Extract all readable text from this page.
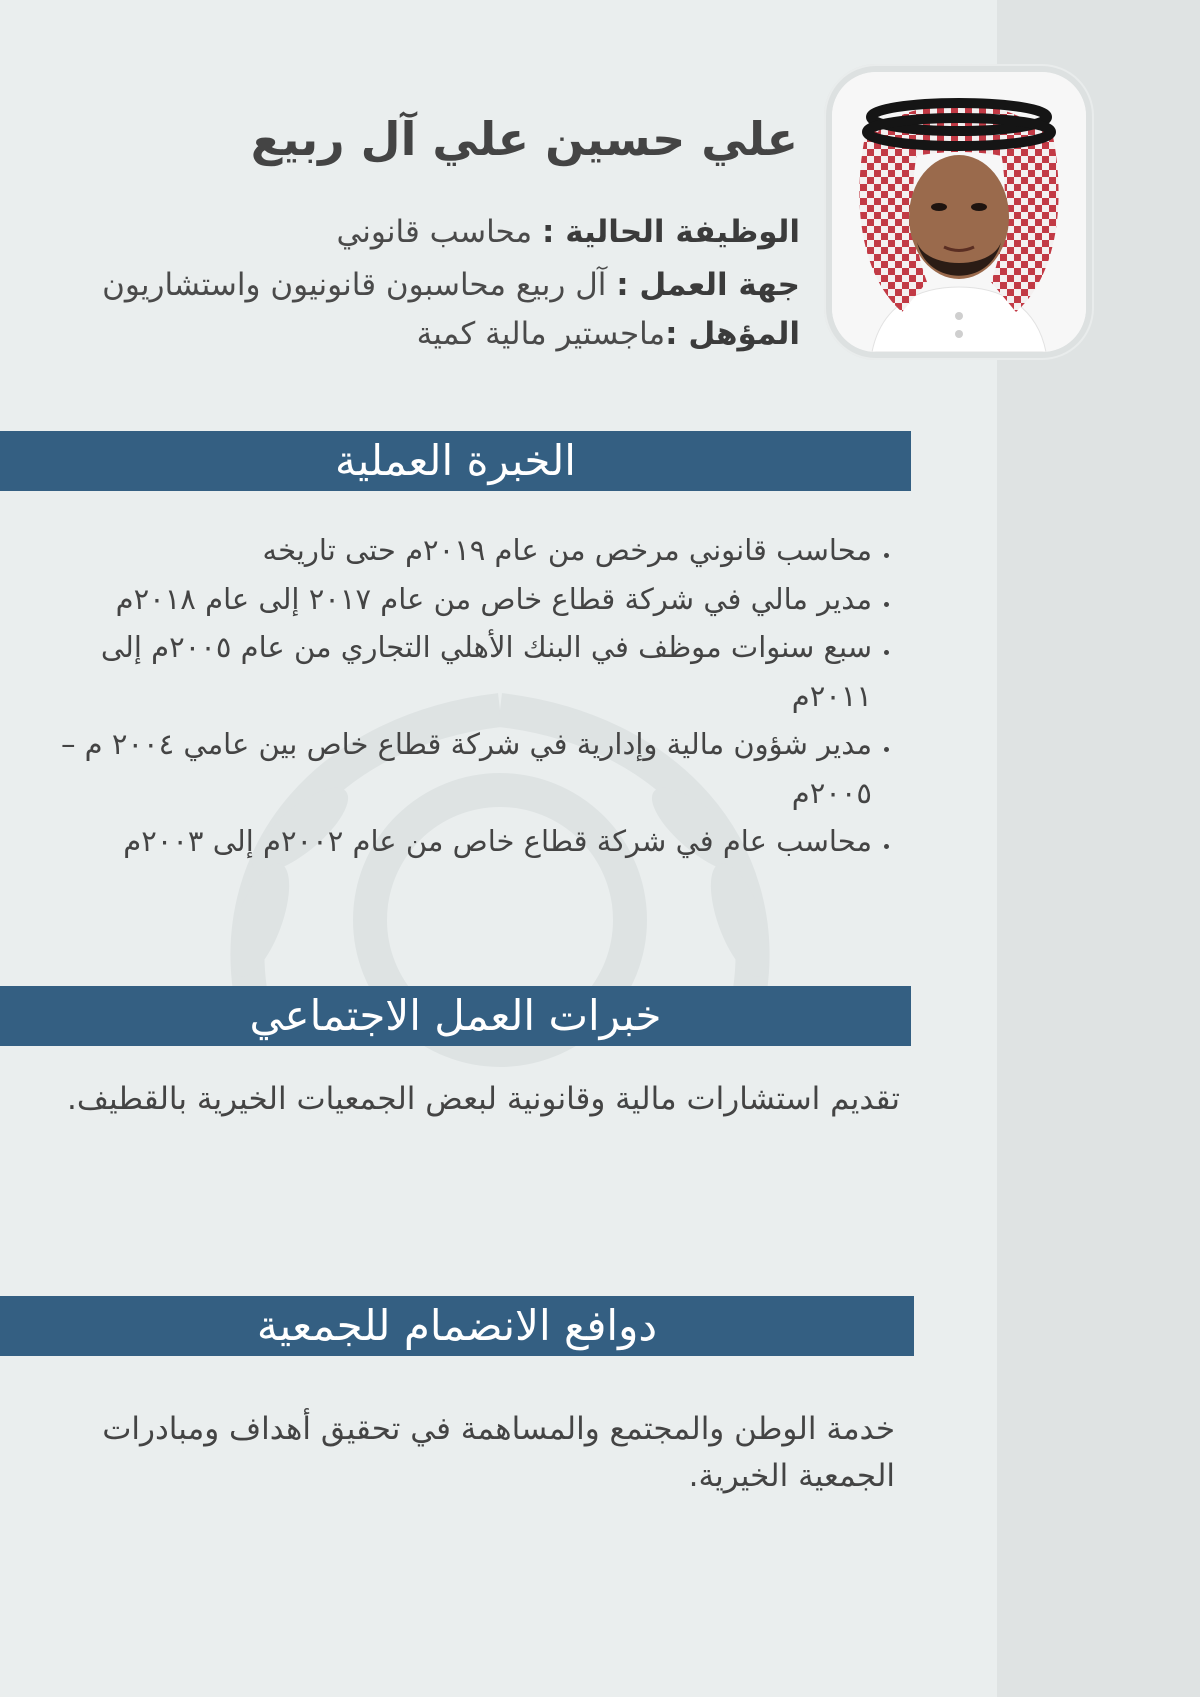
علي حسين علي آل ربيع
الوظيفة الحالية : محاسب قانوني
جهة العمل : آل ربيع محاسبون قانونيون واستشاريون
المؤهل :ماجستير مالية كمية
الخبرة العملية
• محاسب قانوني مرخص من عام ٢٠١٩م حتى تاريخه
• مدير مالي في شركة قطاع خاص من عام ٢٠١٧ إلى عام ٢٠١٨م
• سبع سنوات موظف في البنك الأهلي التجاري من عام ٢٠٠٥م إلى ٢٠١١م
• مدير شؤون مالية وإدارية في شركة قطاع خاص بين عامي ٢٠٠٤ م – ٢٠٠٥م
• محاسب عام في شركة قطاع خاص من عام ٢٠٠٢م إلى ٢٠٠٣م
خبرات العمل الاجتماعي

تقديم استشارات مالية وقانونية لبعض الجمعيات الخيرية بالقطيف.

دوافع الانضمام للجمعية

خدمة الوطن والمجتمع والمساهمة في تحقيق أهداف ومبادرات الجمعية الخيرية.
